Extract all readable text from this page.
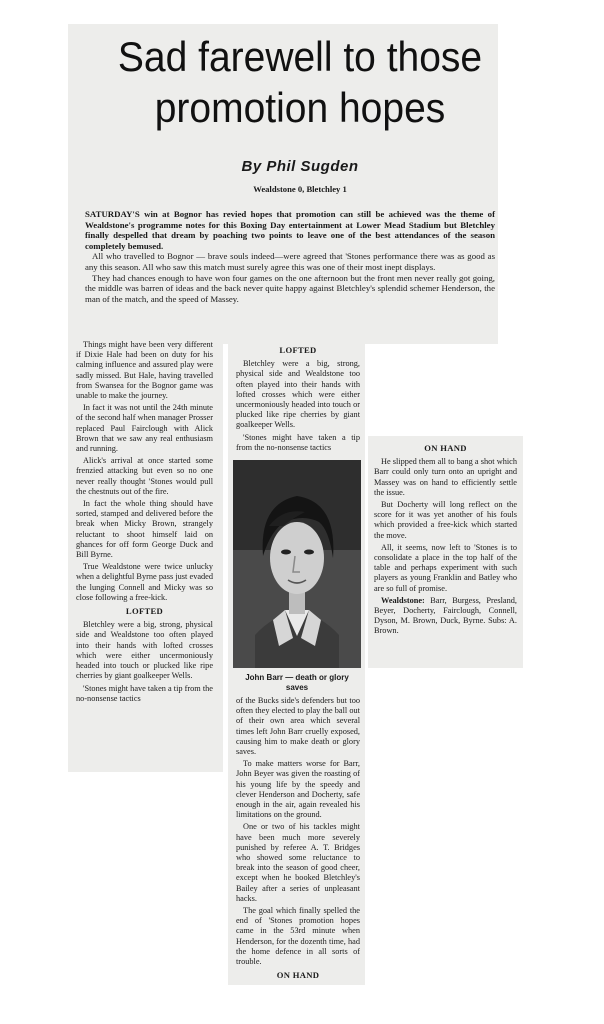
Sad farewell to those
promotion hopes
By Phil Sugden
Wealdstone 0, Bletchley 1

SATURDAY'S win at Bognor has revied hopes that promotion can still be achieved was the theme of Wealdstone's programme notes for this Boxing Day entertainment at Lower Mead Stadium but Bletchley finally despelled that dream by poaching two points to leave one of the best attendances of the season completely bemused.

All who travelled to Bognor — brave souls indeed—were agreed that 'Stones performance there was as good as any this season. All who saw this match must surely agree this was one of their most inept displays.

They had chances enough to have won four games on the one afternoon but the front men never really got going, the middle was barren of ideas and the back never quite happy against Bletchley's splendid schemer Henderson, the man of the match, and the speed of Massey.

Things might have been very different if Dixie Hale had been on duty for his calming influence and assured play were sadly missed. But Hale, having travelled from Swansea for the Bognor game was unable to make the journey.

In fact it was not until the 24th minute of the second half when manager Prosser replaced Paul Fairclough with Alick Brown that we saw any real enthusiasm and running.

Alick's arrival at once started some frenzied attacking but even so no one never really thought 'Stones would pull the chestnuts out of the fire.

In fact the whole thing should have sorted, stamped and delivered before the break when Micky Brown, strangely reluctant to shoot himself laid on ghances for off form George Duck and Bill Byrne.

True Wealdstone were twice unlucky when a delightful Byrne pass just evaded the lunging Connell and Micky was so close following a free-kick.

LOFTED

Bletchley were a big, strong, physical side and Wealdstone too often played into their hands with lofted crosses which were either uncermoniously headed into touch or plucked like ripe cherries by giant goalkeeper Wells.

'Stones might have taken a tip from the no-nonsense tactics

LOFTED

Bletchley were a big, strong, physical side and Wealdstone too often played into their hands with lofted crosses which were either uncermoniously headed into touch or plucked like ripe cherries by giant goalkeeper Wells.

'Stones might have taken a tip from the no-nonsense tactics

John Barr — death or glory saves

of the Bucks side's defenders but too often they elected to play the ball out of their own area which several times left John Barr cruelly exposed, causing him to make death or glory saves.

To make matters worse for Barr, John Beyer was given the roasting of his young life by the speedy and clever Henderson and Docherty, safe enough in the air, again revealed his limitations on the ground.

One or two of his tackles might have been much more severely punished by referee A. T. Bridges who showed some reluctance to break into the season of good cheer, except when he booked Bletchley's Bailey after a series of unpleasant hacks.

The goal which finally spelled the end of 'Stones promotion hopes came in the 53rd minute when Henderson, for the dozenth time, had the home defence in all sorts of trouble.

ON HAND
ON HAND

He slipped them all to bang a shot which Barr could only turn onto an upright and Massey was on hand to efficiently settle the issue.

But Docherty will long reflect on the score for it was yet another of his fouls which provided a free-kick which started the move.

All, it seems, now left to 'Stones is to consolidate a place in the top half of the table and perhaps experiment with such players as young Franklin and Batley who are so full of promise.

Wealdstone: Barr, Burgess, Presland, Beyer, Docherty, Fairclough, Connell, Dyson, M. Brown, Duck, Byrne. Subs: A. Brown.
